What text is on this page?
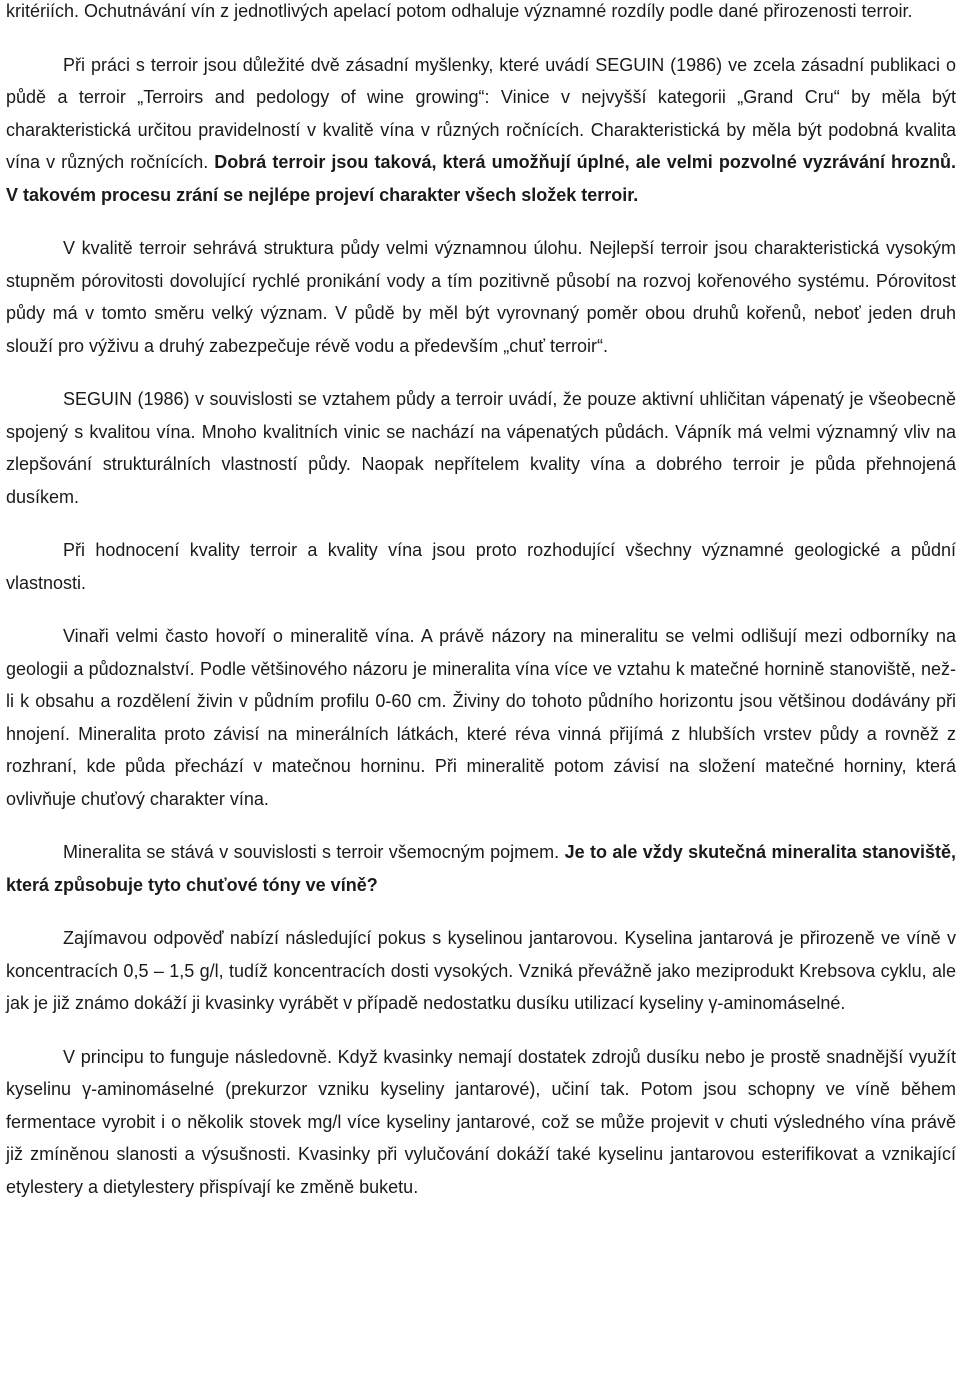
kritériích. Ochutnávání vín z jednotlivých apelací potom odhaluje významné rozdíly podle dané přirozenosti terroir.

Při práci s terroir jsou důležité dvě zásadní myšlenky, které uvádí SEGUIN (1986) ve zcela zásadní publikaci o půdě a terroir „Terroirs and pedology of wine growing“: Vinice v nejvyšší kategorii „Grand Cru“ by měla být charakteristická určitou pravidelností v kvalitě vína v různých ročnících. Charakteristická by měla být podobná kvalita vína v různých ročnících. Dobrá terroir jsou taková, která umožňují úplné, ale velmi pozvolné vyzrávání hroznů. V takovém procesu zrání se nejlépe projeví charakter všech složek terroir.

V kvalitě terroir sehrává struktura půdy velmi významnou úlohu. Nejlepší terroir jsou charakteristická vysokým stupněm pórovitosti dovolující rychlé pronikání vody a tím pozitivně působí na rozvoj kořenového systému. Pórovitost půdy má v tomto směru velký význam. V půdě by měl být vyrovnaný poměr obou druhů kořenů, neboť jeden druh slouží pro výživu a druhý zabezpečuje révě vodu a především „chuť terroir“.

SEGUIN (1986) v souvislosti se vztahem půdy a terroir uvádí, že pouze aktivní uhličitan vápenatý je všeobecně spojený s kvalitou vína. Mnoho kvalitních vinic se nachází na vápenatých půdách. Vápník má velmi významný vliv na zlepšování strukturálních vlastností půdy. Naopak nepřítelem kvality vína a dobrého terroir je půda přehnojená dusíkem.

Při hodnocení kvality terroir a kvality vína jsou proto rozhodující všechny významné geologické a půdní vlastnosti.

Vinaři velmi často hovoří o mineralitě vína. A právě názory na mineralitu se velmi odlišují mezi odborníky na geologii a půdoznalství. Podle většinového názoru je mineralita vína více ve vztahu k matečné hornině stanoviště, než-li k obsahu a rozdělení živin v půdním profilu 0-60 cm. Živiny do tohoto půdního horizontu jsou většinou dodávány při hnojení. Mineralita proto závisí na minerálních látkách, které réva vinná přijímá z hlubších vrstev půdy a rovněž z rozhraní, kde půda přechází v matečnou horninu. Při mineralitě potom závisí na složení matečné horniny, která ovlivňuje chuťový charakter vína.

Mineralita se stává v souvislosti s terroir všemocným pojmem. Je to ale vždy skutečná mineralita stanoviště, která způsobuje tyto chuťové tóny ve víně?

Zajímavou odpověď nabízí následující pokus s kyselinou jantarovou. Kyselina jantarová je přirozeně ve víně v koncentracích 0,5 – 1,5 g/l, tudíž koncentracích dosti vysokých. Vzniká převážně jako meziprodukt Krebsova cyklu, ale jak je již známo dokáží ji kvasinky vyrábět v případě nedostatku dusíku utilizací kyseliny γ-aminomáselné.

V principu to funguje následovně. Když kvasinky nemají dostatek zdrojů dusíku nebo je prostě snadnější využít kyselinu γ-aminomáselné (prekurzor vzniku kyseliny jantarové), učiní tak. Potom jsou schopny ve víně během fermentace vyrobit i o několik stovek mg/l více kyseliny jantarové, což se může projevit v chuti výsledného vína právě již zmíněnou slanosti a výsušnosti. Kvasinky při vylučování dokáží také kyselinu jantarovou esterifikovat a vznikající etylestery a dietylestery přispívají ke změně buketu.
